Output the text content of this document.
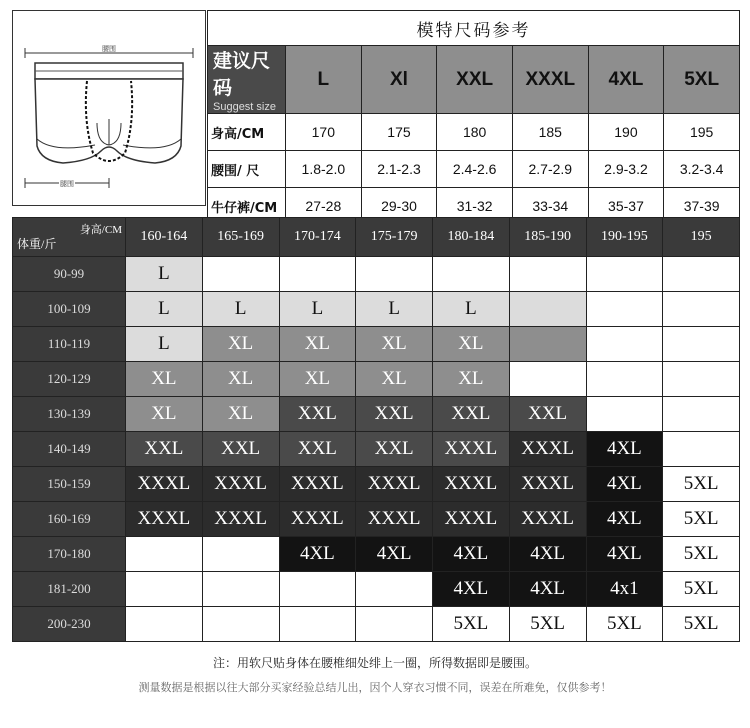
腰围
腿围
模特尺码参考						
建议尺码
Suggest size	L	Xl	XXL	XXXL	4XL	5XL
身高/CM	170	175	180	185	190	195
腰围/ 尺	1.8-2.0	2.1-2.3	2.4-2.6	2.7-2.9	2.9-3.2	3.2-3.4
牛仔裤/CM	27-28	29-30	31-32	33-34	35-37	37-39
身高/CM
体重/斤	160-164	165-169	170-174	175-179	180-184	185-190	190-195	195
90-99	L							
100-109	L	L	L	L	L			
110-119	L	XL	XL	XL	XL			
120-129	XL	XL	XL	XL	XL			
130-139	XL	XL	XXL	XXL	XXL	XXL		
140-149	XXL	XXL	XXL	XXL	XXXL	XXXL	4XL	
150-159	XXXL	XXXL	XXXL	XXXL	XXXL	XXXL	4XL	5XL
160-169	XXXL	XXXL	XXXL	XXXL	XXXL	XXXL	4XL	5XL
170-180			4XL	4XL	4XL	4XL	4XL	5XL
181-200					4XL	4XL	4x1	5XL
200-230					5XL	5XL	5XL	5XL
注：用软尺贴身体在腰椎细处绯上一圈，所得数据即是腰围。
测量数据是根据以往大部分买家经验总结儿出，因个人穿衣习惯不同，误差在所难免，仅供参考！
